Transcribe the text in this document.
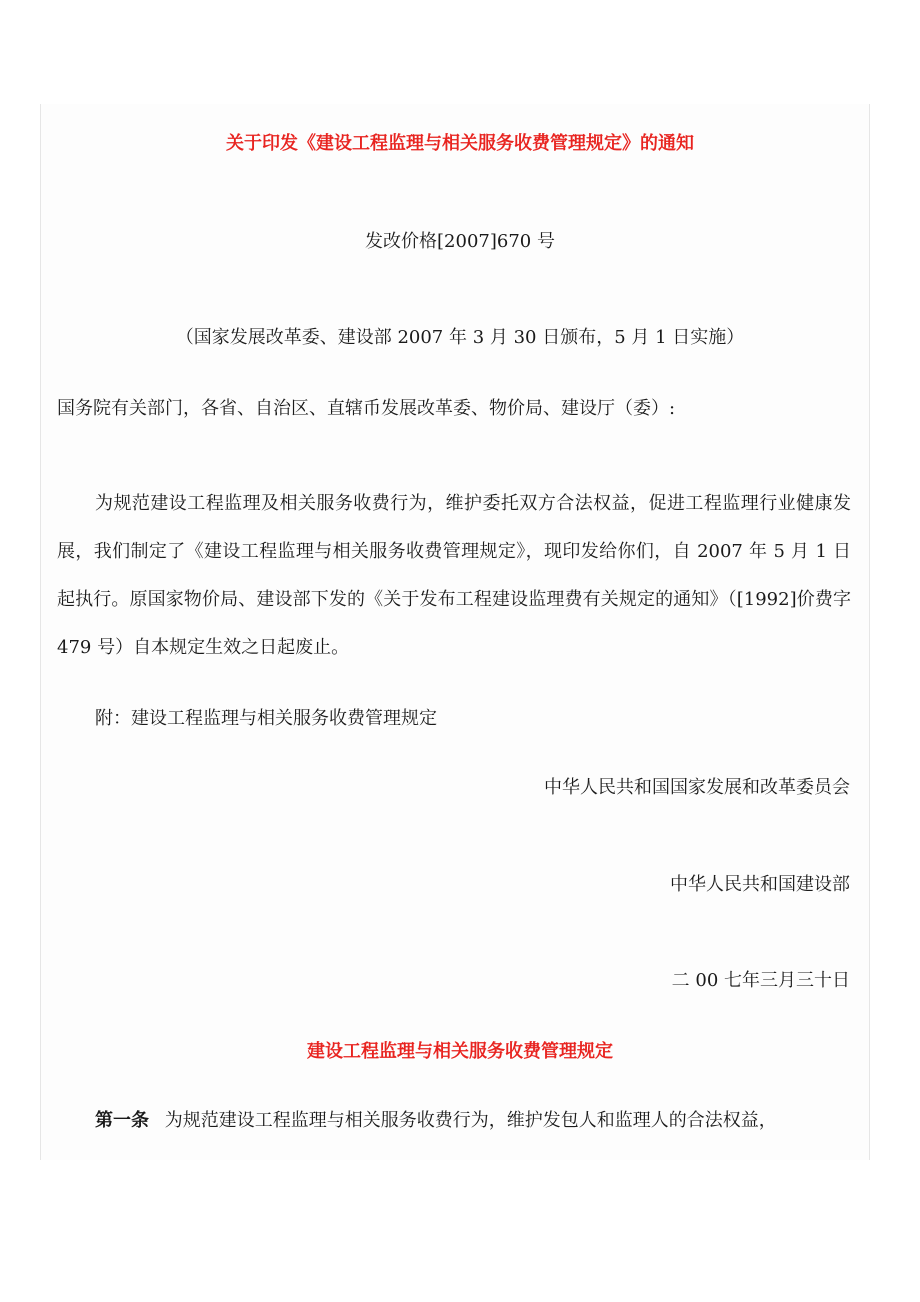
关于印发《建设工程监理与相关服务收费管理规定》的通知
发改价格[2007]670 号
（国家发展改革委、建设部 2007 年 3 月 30 日颁布，5 月 1 日实施）
国务院有关部门，各省、自治区、直辖币发展改革委、物价局、建设厅（委）:
为规范建设工程监理及相关服务收费行为，维护委托双方合法权益，促进工程监理行业健康发展，我们制定了《建设工程监理与相关服务收费管理规定》，现印发给你们，自 2007 年 5 月 1 日起执行。原国家物价局、建设部下发的《关于发布工程建设监理费有关规定的通知》（[1992]价费字 479 号）自本规定生效之日起废止。
附：建设工程监理与相关服务收费管理规定
中华人民共和国国家发展和改革委员会
中华人民共和国建设部
二 00 七年三月三十日
建设工程监理与相关服务收费管理规定
第一条 为规范建设工程监理与相关服务收费行为，维护发包人和监理人的合法权益，
